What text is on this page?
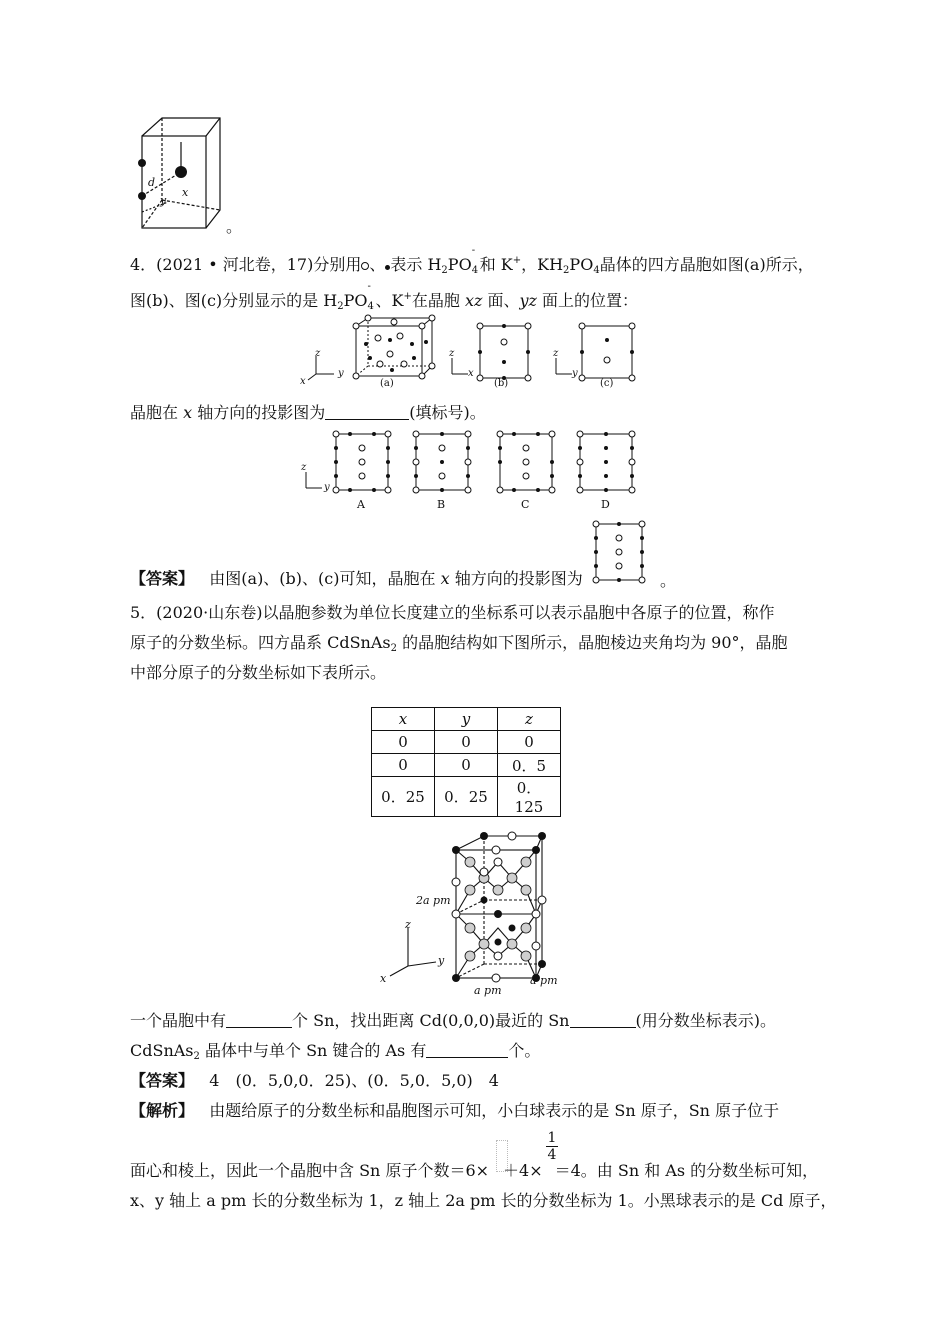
d
x
y
。
4．(2021 • 河北卷，17)分别用 、 表示 $H_2PO$
-
$_4$ 和 K+，$KH_2PO_4$晶体的四方晶胞如图(a)所示，
图(b)、图(c)分别显示的是 $H_2PO$
-
$_4$ 、K+在晶胞 xz 面、yz 面上的位置：
(a)
z
y
x	(b)
z
x
(c)
z
y
晶胞在 x 轴方向的投影图为	(填标号)。
z
y
A	B	C	D
【答案】 由图(a)、(b)、(c)可知，晶胞在 x 轴方向的投影图为	。
5．(2020·山东卷)以晶胞参数为单位长度建立的坐标系可以表示晶胞中各原子的位置，称作
原子的分数坐标。四方晶系 CdSnAs$_2$ 的晶胞结构如下图所示，晶胞棱边夹角均为 90°，晶胞
中部分原子的分数坐标如下表所示。
x	y	z
0	0	0
0	0	0．5
0．25	0．25	0．125
2a pm
a pm
a pm
z
y
x
一个晶胞中有	个 Sn，找出距离 Cd(0,0,0)最近的 Sn	(用分数坐标表示)。
CdSnAs$_2$ 晶体中与单个 Sn 键合的 As 有	个。
【答案】 4　(0．5,0,0．25)、(0．5,0．5,0)　4
【解析】 由题给原子的分数坐标和晶胞图示可知，小白球表示的是 Sn 原子，Sn 原子位于
$\frac{1}{4}$
面心和棱上，因此一个晶胞中含 Sn 原子个数＝6× ＋4× ＝4。由 Sn 和 As 的分数坐标可知，
x、y 轴上 a pm 长的分数坐标为 1，z 轴上 2a pm 长的分数坐标为 1。小黑球表示的是 Cd 原子，
